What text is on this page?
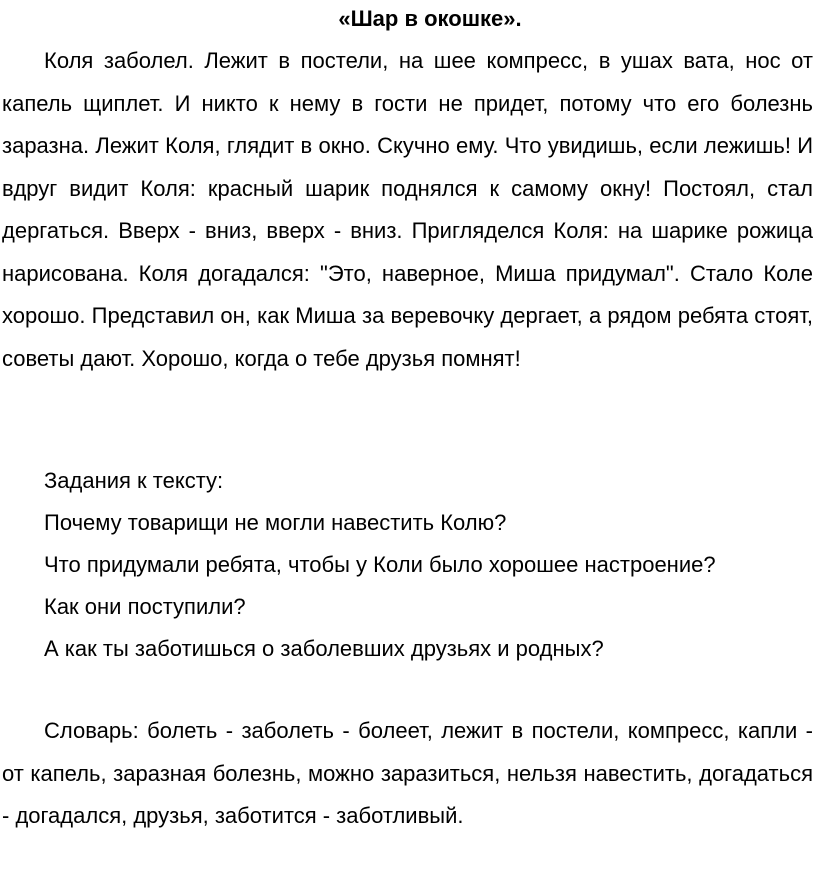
«Шар в окошке».

Коля заболел. Лежит в постели, на шее компресс, в ушах вата, нос от капель щиплет. И никто к нему в гости не придет, потому что его болезнь заразна. Лежит Коля, глядит в окно. Скучно ему. Что увидишь, если лежишь! И вдруг видит Коля: красный шарик поднялся к самому окну! Постоял, стал дергаться. Вверх - вниз, вверх - вниз. Пригляделся Коля: на шарике рожица нарисована. Коля догадался: "Это, наверное, Миша придумал". Стало Коле хорошо. Представил он, как Миша за веревочку дергает, а рядом ребята стоят, советы дают. Хорошо, когда о тебе друзья помнят!

Задания к тексту:
Почему товарищи не могли навестить Колю?
Что придумали ребята, чтобы у Коли было хорошее настроение?
Как они поступили?
А как ты заботишься о заболевших друзьях и родных?

Словарь: болеть - заболеть - болеет, лежит в постели, компресс, капли - от капель, заразная болезнь, можно заразиться, нельзя навестить, догадаться - догадался, друзья, заботится - заботливый.
